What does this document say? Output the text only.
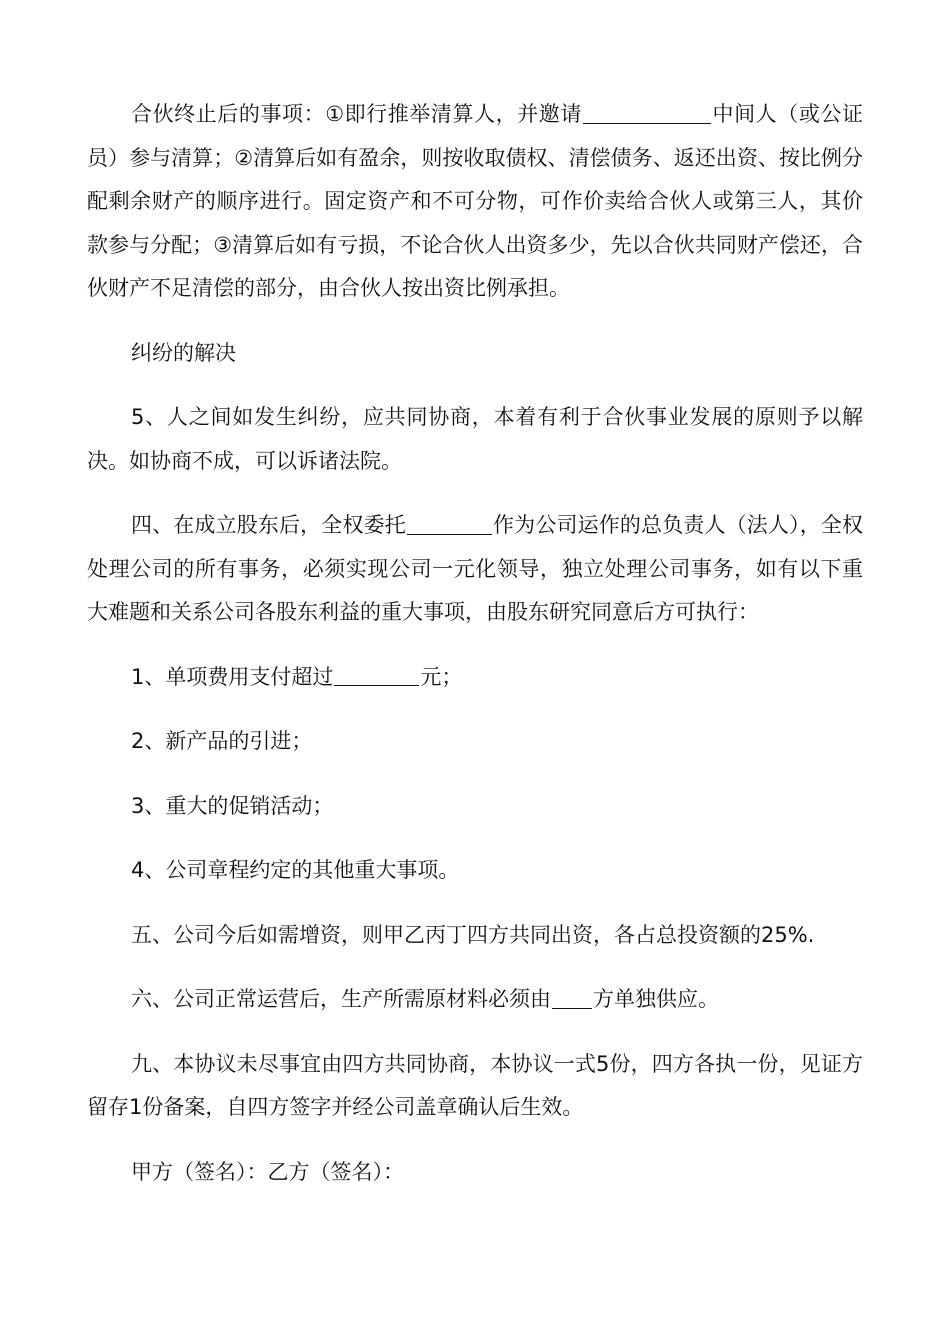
合伙终止后的事项：①即行推举清算人，并邀请	中间人（或公证员）参与清算；②清算后如有盈余，则按收取债权、清偿债务、返还出资、按比例分配剩余财产的顺序进行。固定资产和不可分物，可作价卖给合伙人或第三人，其价款参与分配；③清算后如有亏损，不论合伙人出资多少，先以合伙共同财产偿还，合伙财产不足清偿的部分，由合伙人按出资比例承担。

纠纷的解决

5、人之间如发生纠纷，应共同协商，本着有利于合伙事业发展的原则予以解决。如协商不成，可以诉诸法院。

四、在成立股东后，全权委托	作为公司运作的总负责人（法人），全权处理公司的所有事务，必须实现公司一元化领导，独立处理公司事务，如有以下重大难题和关系公司各股东利益的重大事项，由股东研究同意后方可执行：

1、单项费用支付超过	元；

2、新产品的引进；

3、重大的促销活动；

4、公司章程约定的其他重大事项。

五、公司今后如需增资，则甲乙丙丁四方共同出资，各占总投资额的25%.

六、公司正常运营后，生产所需原材料必须由 方单独供应。

九、本协议未尽事宜由四方共同协商，本协议一式5份，四方各执一份，见证方留存1份备案，自四方签字并经公司盖章确认后生效。

甲方（签名）：乙方（签名）：
